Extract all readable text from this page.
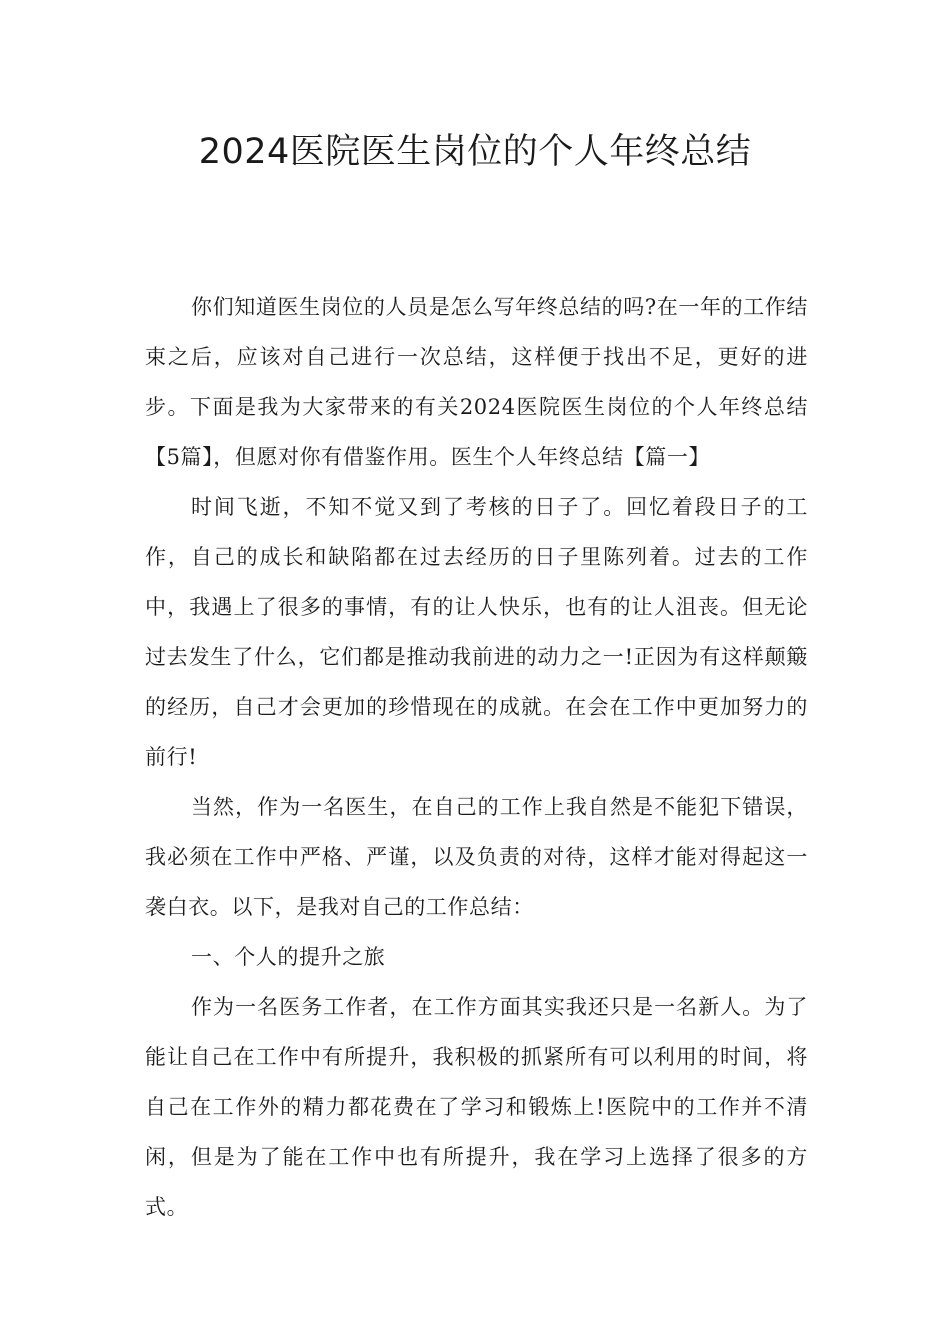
2024医院医生岗位的个人年终总结

你们知道医生岗位的人员是怎么写年终总结的吗?在一年的工作结束之后，应该对自己进行一次总结，这样便于找出不足，更好的进步。下面是我为大家带来的有关2024医院医生岗位的个人年终总结【5篇】，但愿对你有借鉴作用。医生个人年终总结【篇一】

时间飞逝，不知不觉又到了考核的日子了。回忆着段日子的工作，自己的成长和缺陷都在过去经历的日子里陈列着。过去的工作中，我遇上了很多的事情，有的让人快乐，也有的让人沮丧。但无论过去发生了什么，它们都是推动我前进的动力之一!正因为有这样颠簸的经历，自己才会更加的珍惜现在的成就。在会在工作中更加努力的前行!

当然，作为一名医生，在自己的工作上我自然是不能犯下错误，我必须在工作中严格、严谨，以及负责的对待，这样才能对得起这一袭白衣。以下，是我对自己的工作总结：

一、个人的提升之旅

作为一名医务工作者，在工作方面其实我还只是一名新人。为了能让自己在工作中有所提升，我积极的抓紧所有可以利用的时间，将自己在工作外的精力都花费在了学习和锻炼上!医院中的工作并不清闲，但是为了能在工作中也有所提升，我在学习上选择了很多的方式。
